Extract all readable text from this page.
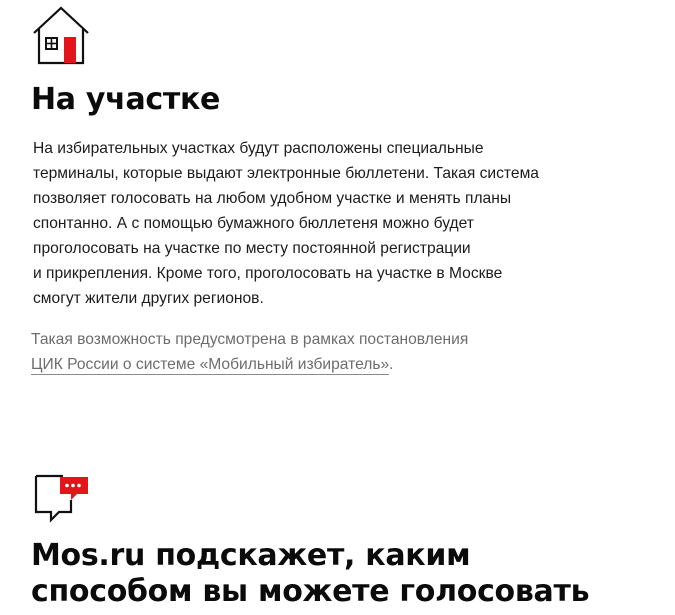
На участке

На избирательных участках будут расположены специальные
терминалы, которые выдают электронные бюллетени. Такая система
позволяет голосовать на любом удобном участке и менять планы
спонтанно. А с помощью бумажного бюллетеня можно будет
проголосовать на участке по месту постоянной регистрации
и прикрепления. Кроме того, проголосовать на участке в Москве
смогут жители других регионов.

Такая возможность предусмотрена в рамках постановления
ЦИК России о системе «Мобильный избиратель».

Mos.ru подскажет, каким
способом вы можете голосовать
